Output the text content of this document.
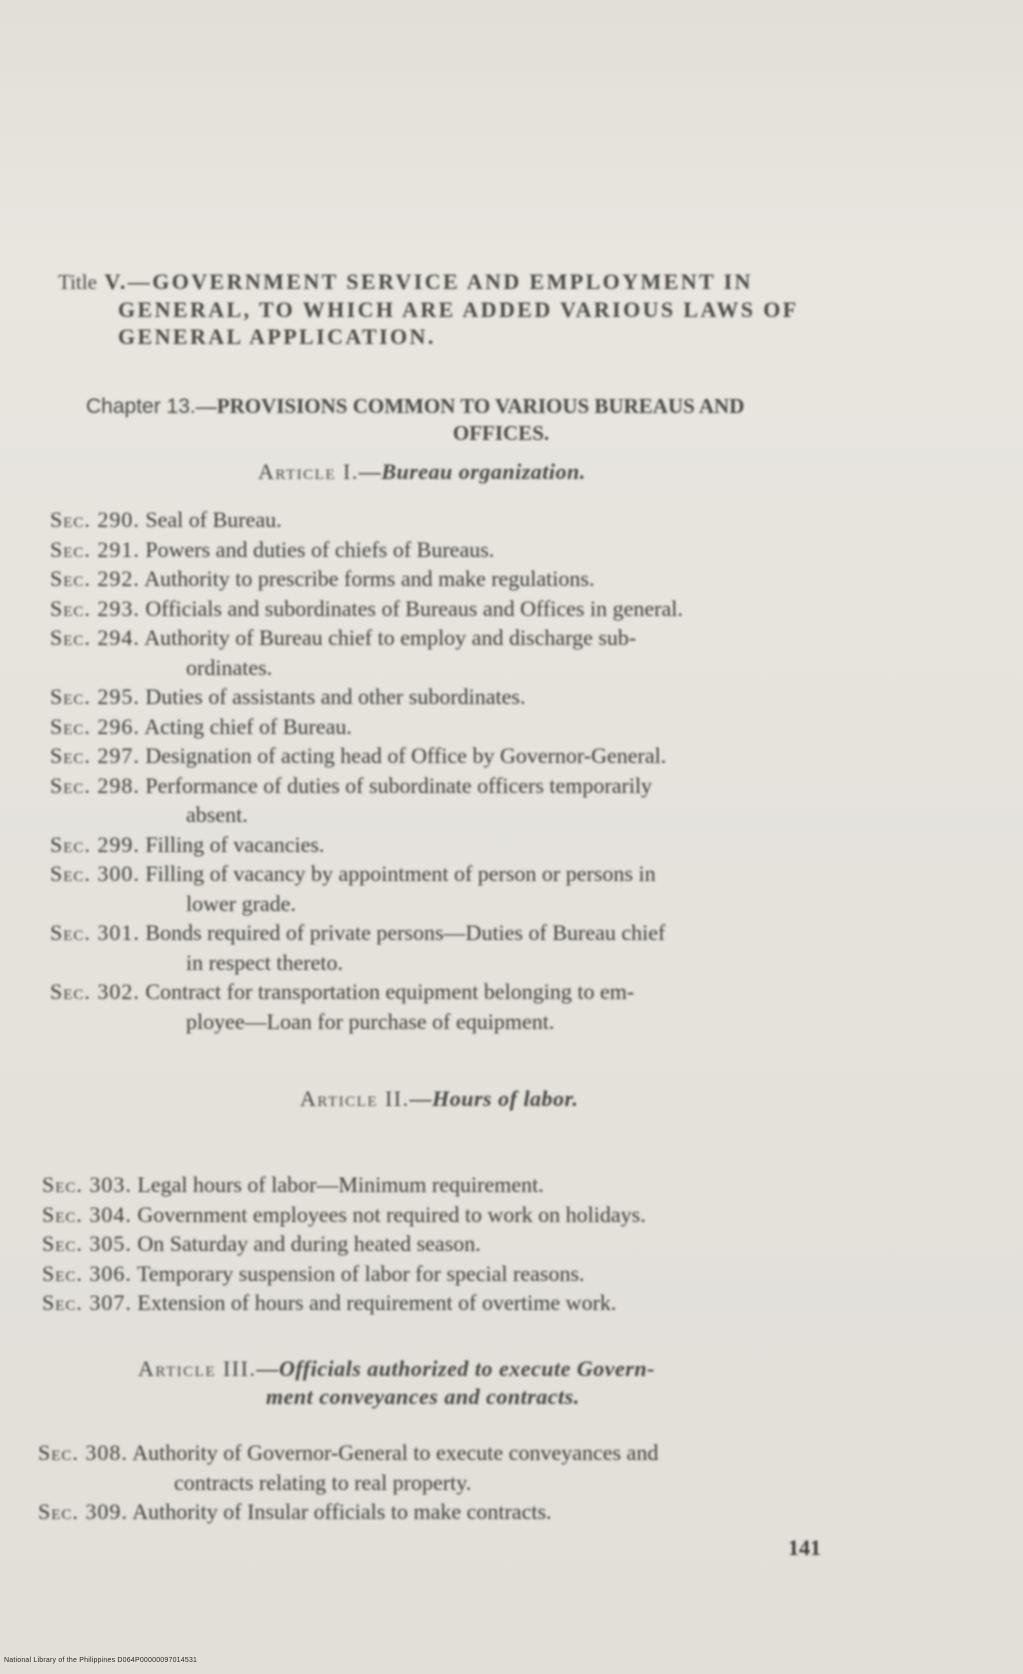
Title V.—GOVERNMENT SERVICE AND EMPLOYMENT IN
GENERAL, TO WHICH ARE ADDED VARIOUS LAWS OF
GENERAL APPLICATION.
Chapter 13.—PROVISIONS COMMON TO VARIOUS BUREAUS AND
OFFICES.
Article I.—Bureau organization.
Sec. 290. Seal of Bureau.
Sec. 291. Powers and duties of chiefs of Bureaus.
Sec. 292. Authority to prescribe forms and make regulations.
Sec. 293. Officials and subordinates of Bureaus and Offices in general.
Sec. 294. Authority of Bureau chief to employ and discharge sub-
ordinates.
Sec. 295. Duties of assistants and other subordinates.
Sec. 296. Acting chief of Bureau.
Sec. 297. Designation of acting head of Office by Governor-General.
Sec. 298. Performance of duties of subordinate officers temporarily
absent.
Sec. 299. Filling of vacancies.
Sec. 300. Filling of vacancy by appointment of person or persons in
lower grade.
Sec. 301. Bonds required of private persons—Duties of Bureau chief
in respect thereto.
Sec. 302. Contract for transportation equipment belonging to em-
ployee—Loan for purchase of equipment.
Article II.—Hours of labor.
Sec. 303. Legal hours of labor—Minimum requirement.
Sec. 304. Government employees not required to work on holidays.
Sec. 305. On Saturday and during heated season.
Sec. 306. Temporary suspension of labor for special reasons.
Sec. 307. Extension of hours and requirement of overtime work.
Article III.—Officials authorized to execute Govern-
ment conveyances and contracts.
Sec. 308. Authority of Governor-General to execute conveyances and
contracts relating to real property.
Sec. 309. Authority of Insular officials to make contracts.
141
National Library of the Philippines D064P00000097014531
